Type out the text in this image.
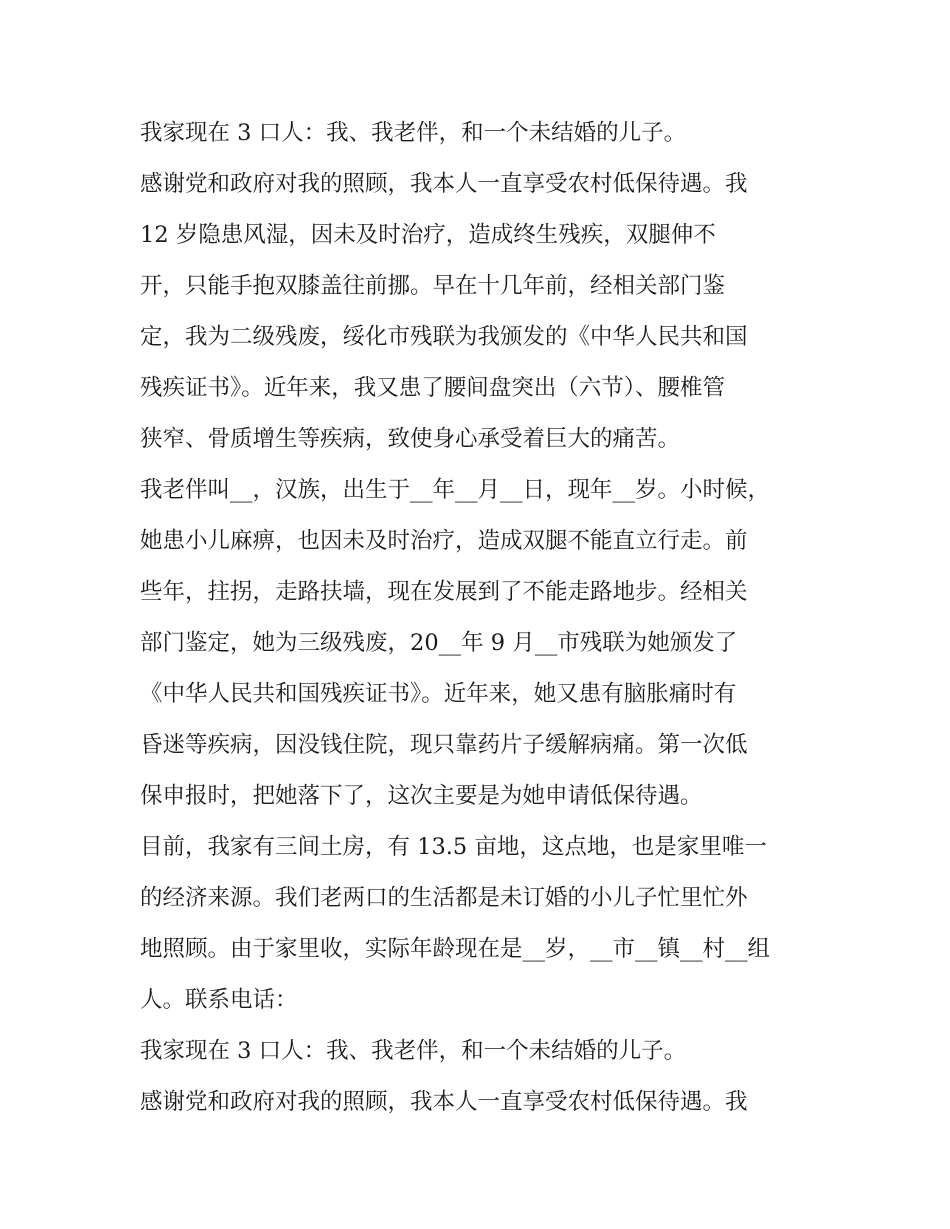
我家现在 3 口人：我、我老伴，和一个未结婚的儿子。
感谢党和政府对我的照顾，我本人一直享受农村低保待遇。我
12 岁隐患风湿，因未及时治疗，造成终生残疾，双腿伸不
开，只能手抱双膝盖往前挪。早在十几年前，经相关部门鉴
定，我为二级残废，绥化市残联为我颁发的《中华人民共和国
残疾证书》。近年来，我又患了腰间盘突出（六节）、腰椎管
狭窄、骨质增生等疾病，致使身心承受着巨大的痛苦。
我老伴叫__，汉族，出生于__年__月__日，现年__岁。小时候，
她患小儿麻痹，也因未及时治疗，造成双腿不能直立行走。前
些年，拄拐，走路扶墙，现在发展到了不能走路地步。经相关
部门鉴定，她为三级残废，20__年 9 月__市残联为她颁发了
《中华人民共和国残疾证书》。近年来，她又患有脑胀痛时有
昏迷等疾病，因没钱住院，现只靠药片子缓解病痛。第一次低
保申报时，把她落下了，这次主要是为她申请低保待遇。
目前，我家有三间土房，有 13.5 亩地，这点地，也是家里唯一
的经济来源。我们老两口的生活都是未订婚的小儿子忙里忙外
地照顾。由于家里收，实际年龄现在是__岁，__市__镇__村__组
人。联系电话：
我家现在 3 口人：我、我老伴，和一个未结婚的儿子。
感谢党和政府对我的照顾，我本人一直享受农村低保待遇。我
